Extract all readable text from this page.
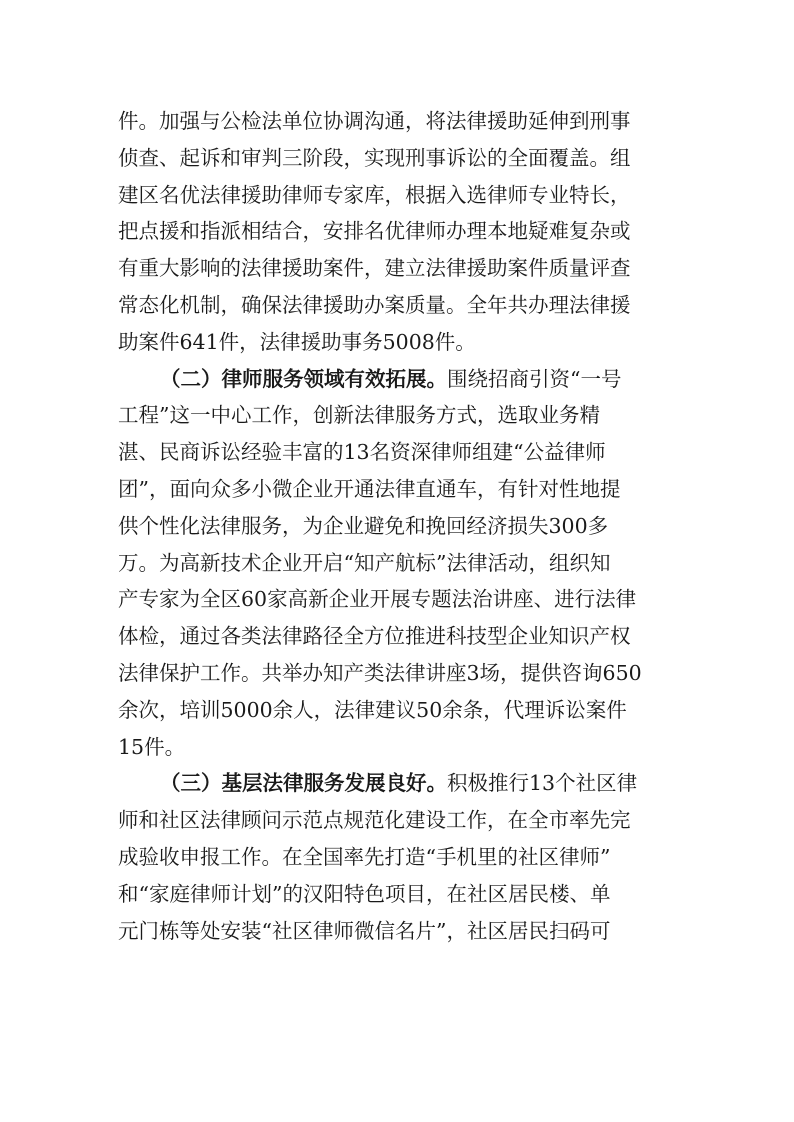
件。加强与公检法单位协调沟通，将法律援助延伸到刑事
侦查、起诉和审判三阶段，实现刑事诉讼的全面覆盖。组
建区名优法律援助律师专家库，根据入选律师专业特长，
把点援和指派相结合，安排名优律师办理本地疑难复杂或
有重大影响的法律援助案件，建立法律援助案件质量评查
常态化机制，确保法律援助办案质量。全年共办理法律援
助案件641件，法律援助事务5008件。
（二）律师服务领域有效拓展。围绕招商引资“一号
工程”这一中心工作，创新法律服务方式，选取业务精
湛、民商诉讼经验丰富的13名资深律师组建“公益律师
团”，面向众多小微企业开通法律直通车，有针对性地提
供个性化法律服务，为企业避免和挽回经济损失300多
万。为高新技术企业开启“知产航标”法律活动，组织知
产专家为全区60家高新企业开展专题法治讲座、进行法律
体检，通过各类法律路径全方位推进科技型企业知识产权
法律保护工作。共举办知产类法律讲座3场，提供咨询650
余次，培训5000余人，法律建议50余条，代理诉讼案件
15件。
（三）基层法律服务发展良好。积极推行13个社区律
师和社区法律顾问示范点规范化建设工作，在全市率先完
成验收申报工作。在全国率先打造“手机里的社区律师”
和“家庭律师计划”的汉阳特色项目，在社区居民楼、单
元门栋等处安装“社区律师微信名片”，社区居民扫码可
